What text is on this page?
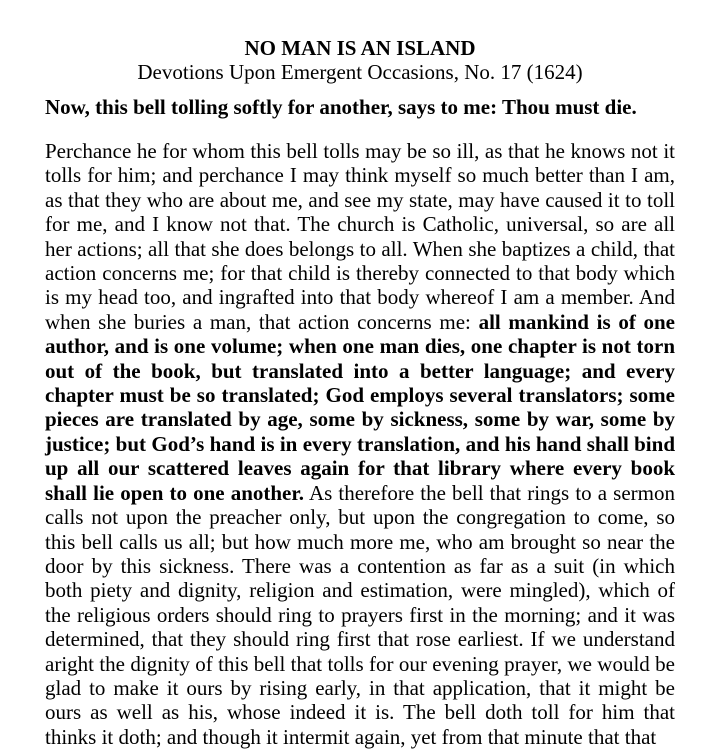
NO MAN IS AN ISLAND
Devotions Upon Emergent Occasions, No. 17 (1624)
Now, this bell tolling softly for another, says to me: Thou must die.

Perchance he for whom this bell tolls may be so ill, as that he knows not it tolls for him; and perchance I may think myself so much better than I am, as that they who are about me, and see my state, may have caused it to toll for me, and I know not that. The church is Catholic, universal, so are all her actions; all that she does belongs to all. When she baptizes a child, that action concerns me; for that child is thereby connected to that body which is my head too, and ingrafted into that body whereof I am a member. And when she buries a man, that action concerns me: all mankind is of one author, and is one volume; when one man dies, one chapter is not torn out of the book, but translated into a better language; and every chapter must be so translated; God employs several translators; some pieces are translated by age, some by sickness, some by war, some by justice; but God’s hand is in every translation, and his hand shall bind up all our scattered leaves again for that library where every book shall lie open to one another. As therefore the bell that rings to a sermon calls not upon the preacher only, but upon the congregation to come, so this bell calls us all; but how much more me, who am brought so near the door by this sickness. There was a contention as far as a suit (in which both piety and dignity, religion and estimation, were mingled), which of the religious orders should ring to prayers first in the morning; and it was determined, that they should ring first that rose earliest. If we understand aright the dignity of this bell that tolls for our evening prayer, we would be glad to make it ours by rising early, in that application, that it might be ours as well as his, whose indeed it is. The bell doth toll for him that thinks it doth; and though it intermit again, yet from that minute that that
